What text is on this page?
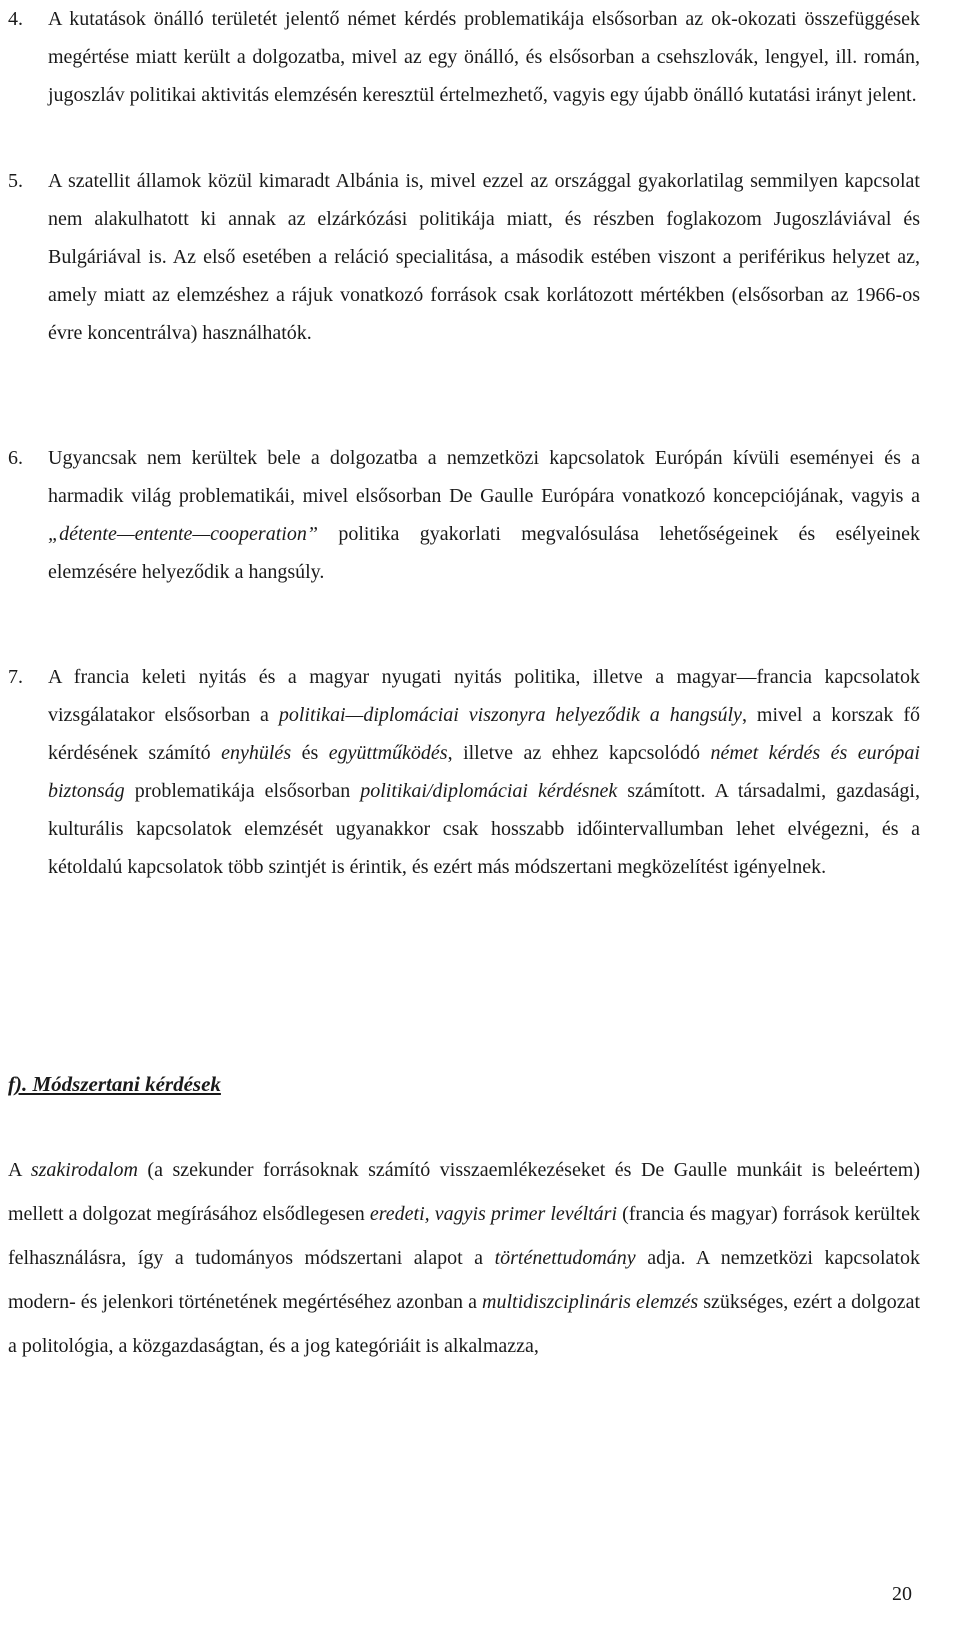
4.	A kutatások önálló területét jelentő német kérdés problematikája elsősorban az ok-okozati összefüggések megértése miatt került a dolgozatba, mivel az egy önálló, és elsősorban a csehszlovák, lengyel, ill. román, jugoszláv politikai aktivitás elemzésén keresztül értelmezhető, vagyis egy újabb önálló kutatási irányt jelent.
5.	A szatellit államok közül kimaradt Albánia is, mivel ezzel az országgal gyakorlatilag semmilyen kapcsolat nem alakulhatott ki annak az elzárkózási politikája miatt, és részben foglakozom Jugoszláviával és Bulgáriával is. Az első esetében a reláció specialitása, a második estében viszont a periférikus helyzet az, amely miatt az elemzéshez a rájuk vonatkozó források csak korlátozott mértékben (elsősorban az 1966-os évre koncentrálva) használhatók.
6.	Ugyancsak nem kerültek bele a dolgozatba a nemzetközi kapcsolatok Európán kívüli eseményei és a harmadik világ problematikái, mivel elsősorban De Gaulle Európára vonatkozó koncepciójának, vagyis a „détente—entente—cooperation” politika gyakorlati megvalósulása lehetőségeinek és esélyeinek elemzésére helyeződik a hangsúly.
7.	A francia keleti nyitás és a magyar nyugati nyitás politika, illetve a magyar—francia kapcsolatok vizsgálatakor elsősorban a politikai—diplomáciai viszonyra helyeződik a hangsúly, mivel a korszak fő kérdésének számító enyhülés és együttműködés, illetve az ehhez kapcsolódó német kérdés és európai biztonság problematikája elsősorban politikai/diplomáciai kérdésnek számított. A társadalmi, gazdasági, kulturális kapcsolatok elemzését ugyanakkor csak hosszabb időintervallumban lehet elvégezni, és a kétoldalú kapcsolatok több szintjét is érintik, és ezért más módszertani megközelítést igényelnek.
f). Módszertani kérdések
A szakirodalom (a szekunder forrásoknak számító visszaemlékezéseket és De Gaulle munkáit is beleértem) mellett a dolgozat megírásához elsődlegesen eredeti, vagyis primer levéltári (francia és magyar) források kerültek felhasználásra, így a tudományos módszertani alapot a történettudomány adja. A nemzetközi kapcsolatok modern- és jelenkori történetének megértéséhez azonban a multidiszciplináris elemzés szükséges, ezért a dolgozat a politológia, a közgazdaságtan, és a jog kategóriáit is alkalmazza,
20
